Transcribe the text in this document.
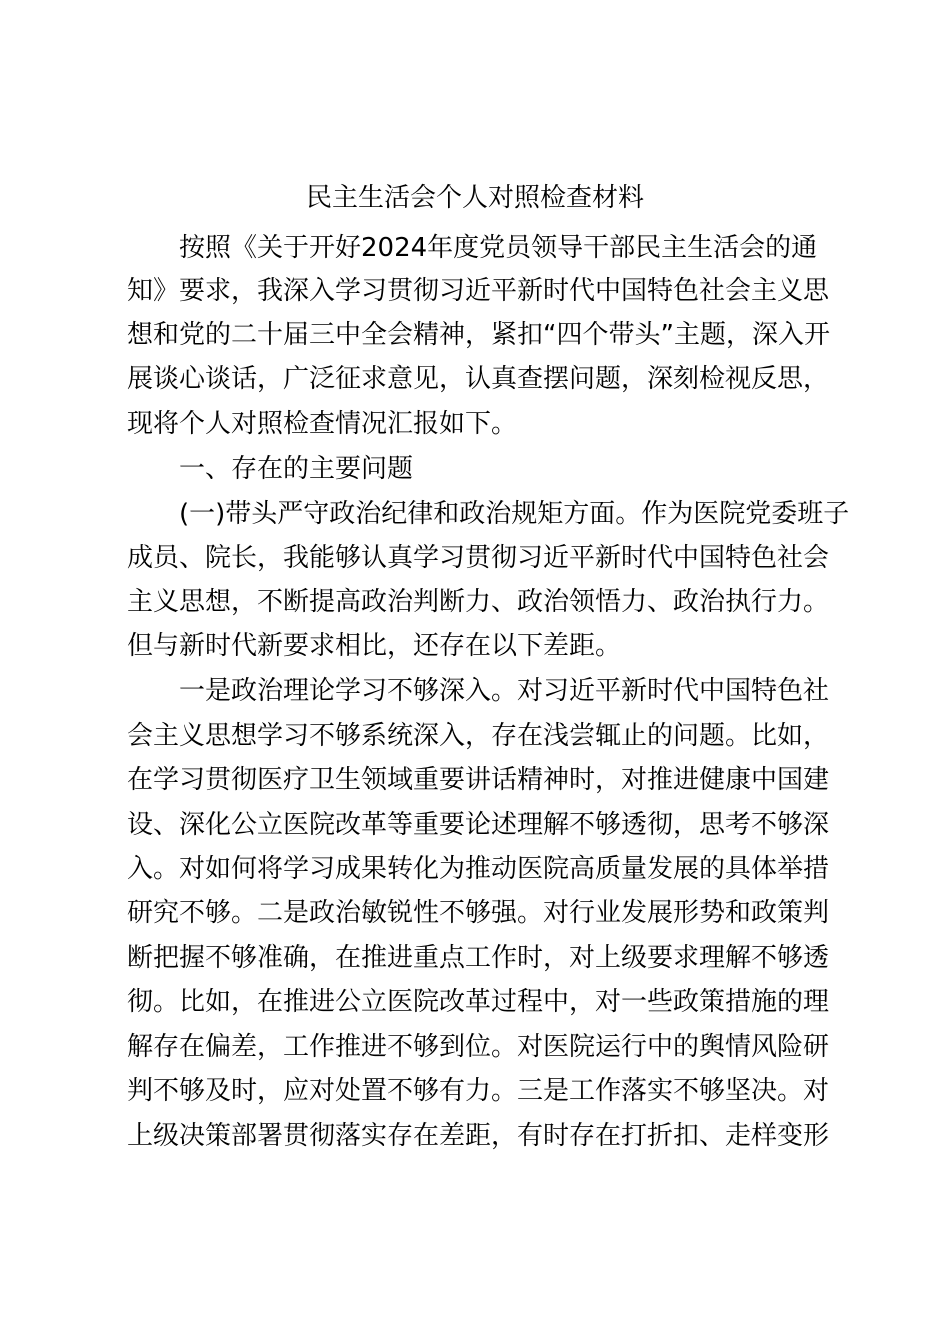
民主生活会个人对照检查材料
按照《关于开好2024年度党员领导干部民主生活会的通
知》要求，我深入学习贯彻习近平新时代中国特色社会主义思
想和党的二十届三中全会精神，紧扣“四个带头”主题，深入开
展谈心谈话，广泛征求意见，认真查摆问题，深刻检视反思，
现将个人对照检查情况汇报如下。
一、存在的主要问题
(一)带头严守政治纪律和政治规矩方面。作为医院党委班子
成员、院长，我能够认真学习贯彻习近平新时代中国特色社会
主义思想，不断提高政治判断力、政治领悟力、政治执行力。
但与新时代新要求相比，还存在以下差距。
一是政治理论学习不够深入。对习近平新时代中国特色社
会主义思想学习不够系统深入，存在浅尝辄止的问题。比如，
在学习贯彻医疗卫生领域重要讲话精神时，对推进健康中国建
设、深化公立医院改革等重要论述理解不够透彻，思考不够深
入。对如何将学习成果转化为推动医院高质量发展的具体举措
研究不够。二是政治敏锐性不够强。对行业发展形势和政策判
断把握不够准确，在推进重点工作时，对上级要求理解不够透
彻。比如，在推进公立医院改革过程中，对一些政策措施的理
解存在偏差，工作推进不够到位。对医院运行中的舆情风险研
判不够及时，应对处置不够有力。三是工作落实不够坚决。对
上级决策部署贯彻落实存在差距，有时存在打折扣、走样变形
